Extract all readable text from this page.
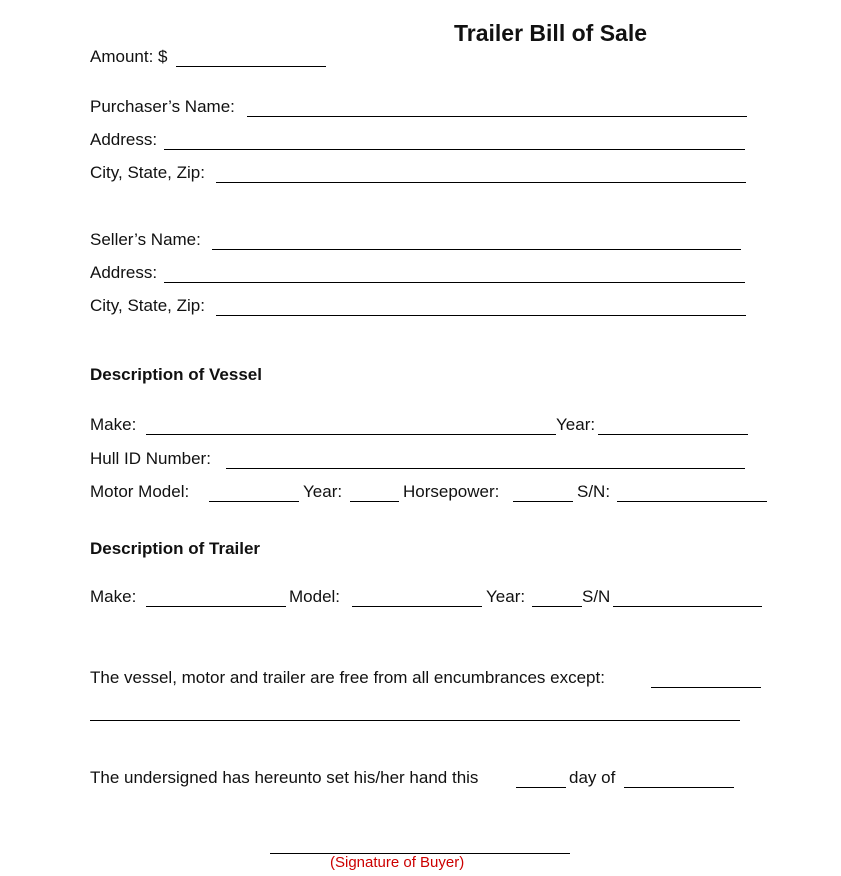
Trailer Bill of Sale
Amount: $
Purchaser’s Name:
Address:
City, State, Zip:
Seller’s Name:
Address:
City, State, Zip:
Description of Vessel
Make:	Year:
Hull ID Number:
Motor Model:	Year:	Horsepower:	S/N:
Description of Trailer
Make:	Model:	Year:	S/N
The vessel, motor and trailer are free from all encumbrances except:
The undersigned has hereunto set his/her hand this	day of
(Signature of Buyer)
